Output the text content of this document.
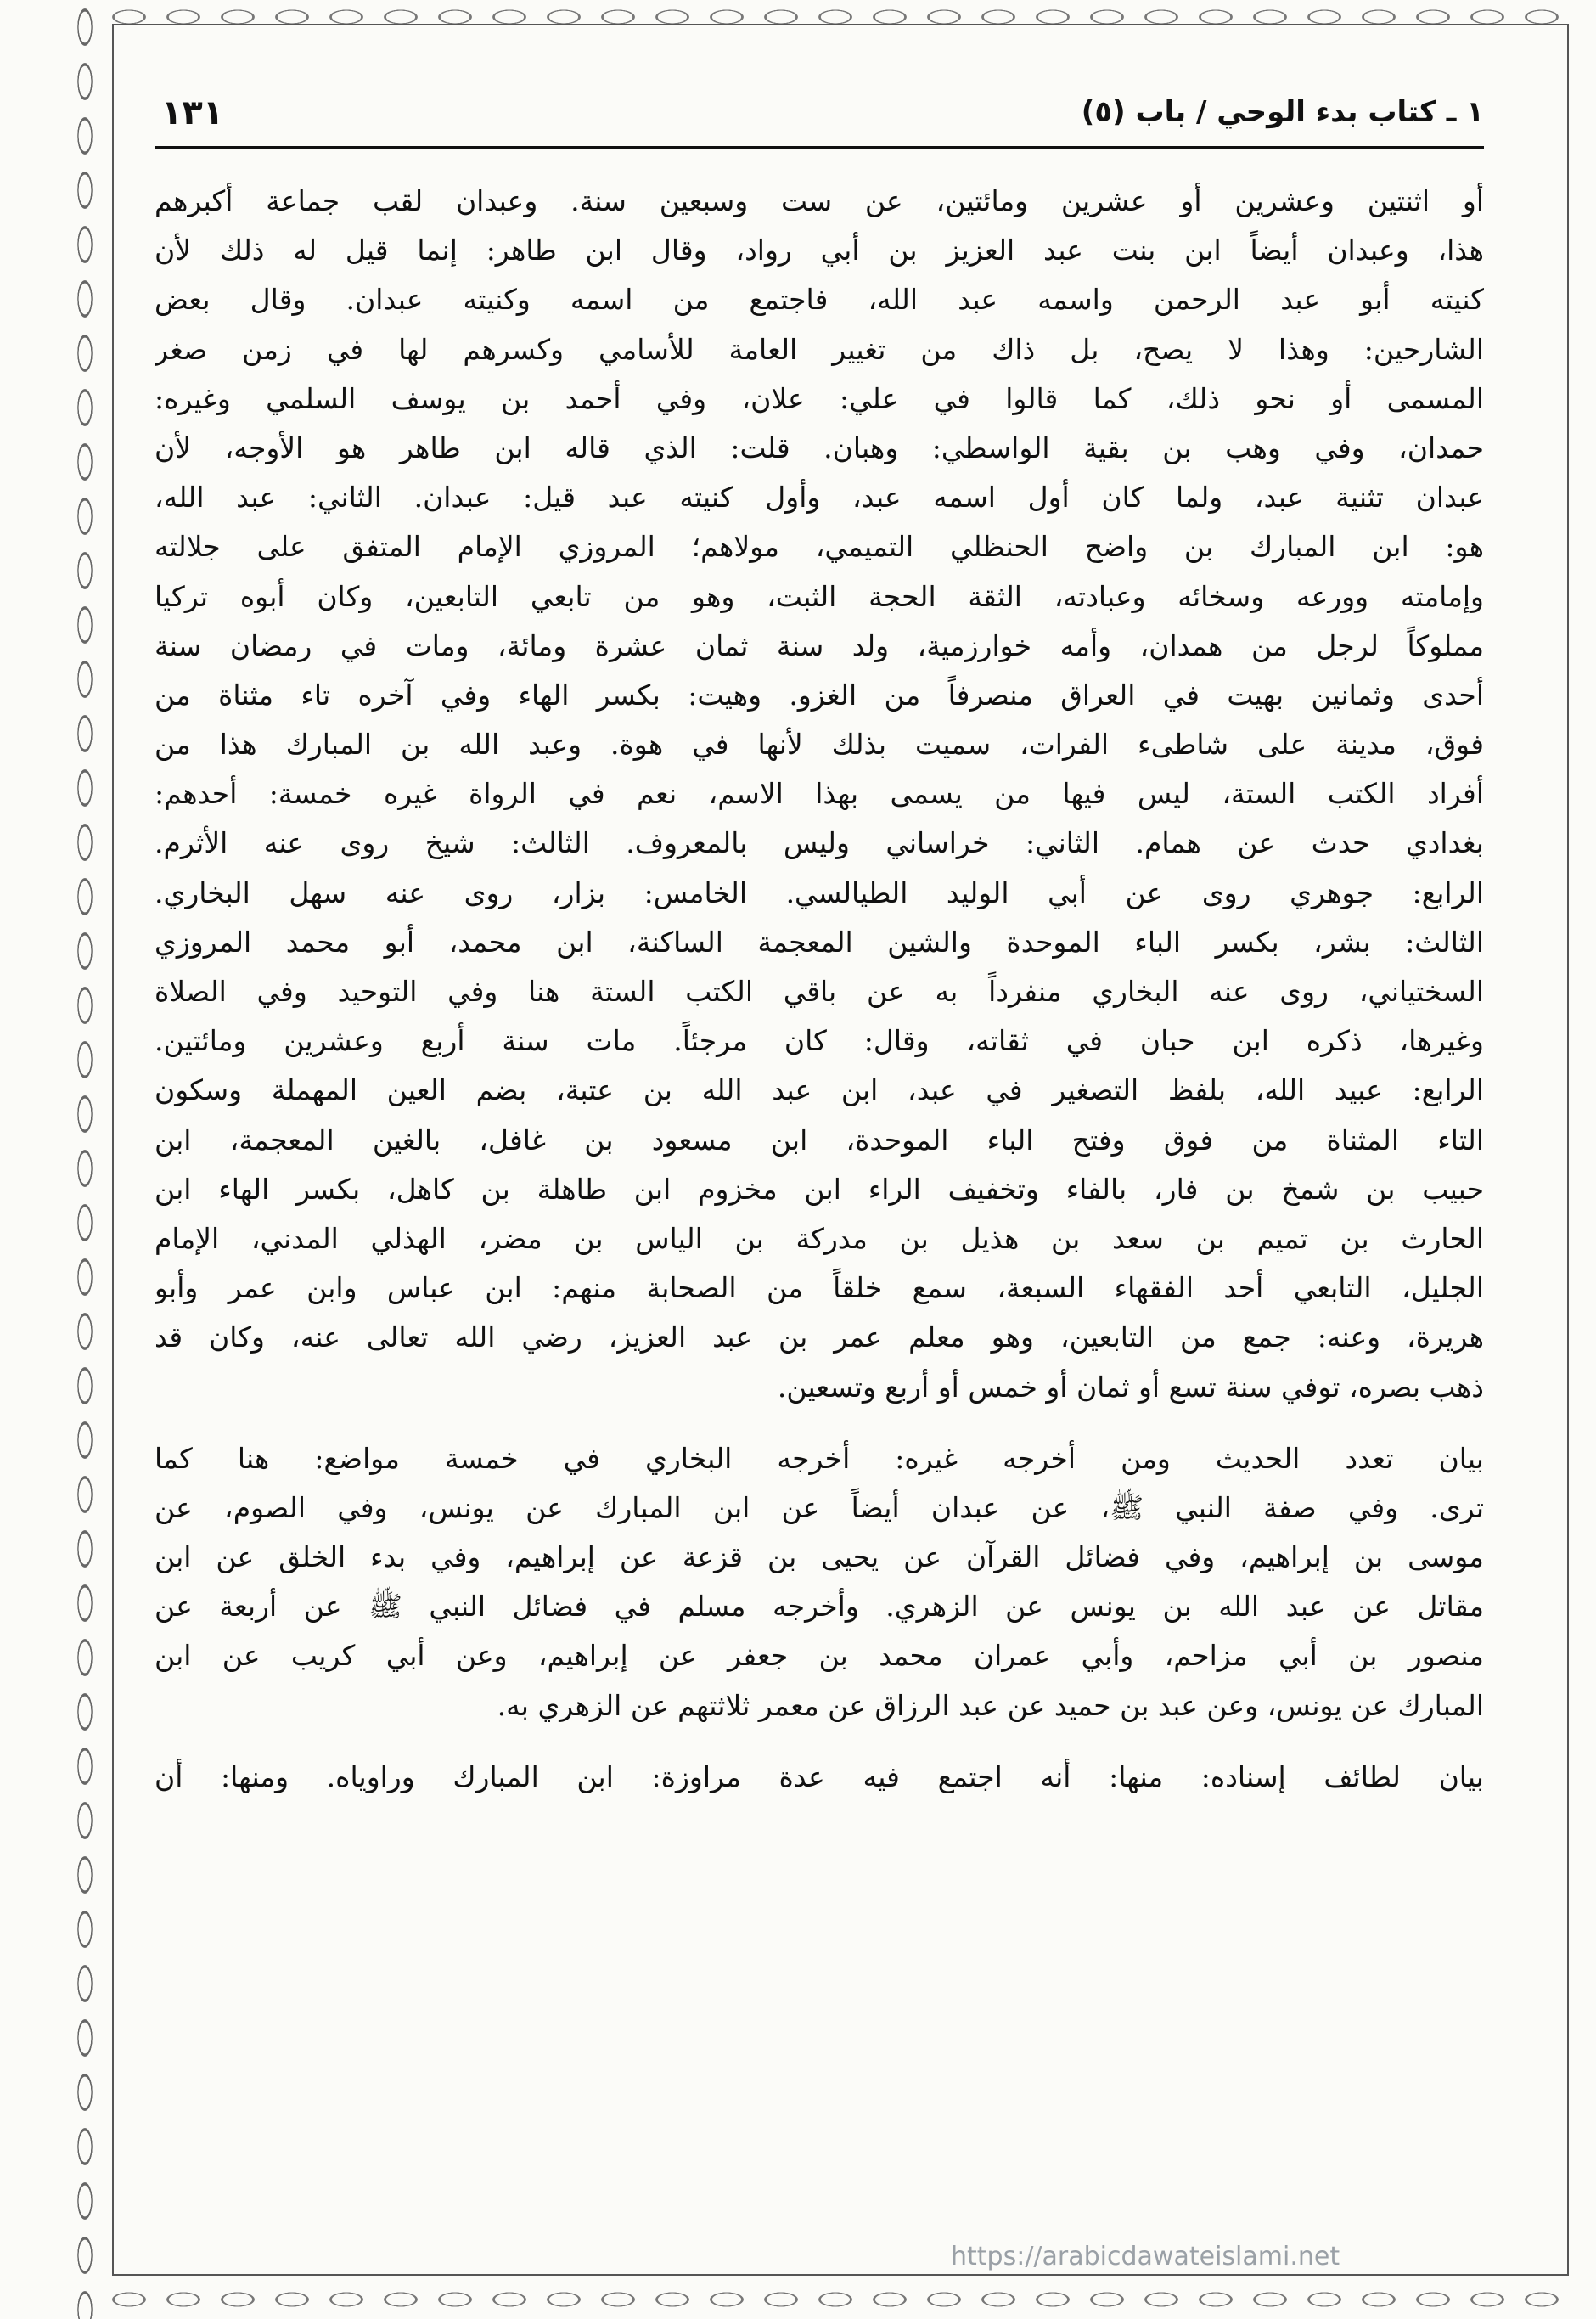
١ ـ كتاب بدء الوحي / باب (٥)
١٣١
أو اثنتين وعشرين أو عشرين ومائتين، عن ست وسبعين سنة. وعبدان لقب جماعة أكبرهم
هذا، وعبدان أيضاً ابن بنت عبد العزيز بن أبي رواد، وقال ابن طاهر: إنما قيل له ذلك لأن
كنيته أبو عبد الرحمن واسمه عبد الله، فاجتمع من اسمه وكنيته عبدان. وقال بعض
الشارحين: وهذا لا يصح، بل ذاك من تغيير العامة للأسامي وكسرهم لها في زمن صغر
المسمى أو نحو ذلك، كما قالوا في علي: علان، وفي أحمد بن يوسف السلمي وغيره:
حمدان، وفي وهب بن بقية الواسطي: وهبان. قلت: الذي قاله ابن طاهر هو الأوجه، لأن
عبدان تثنية عبد، ولما كان أول اسمه عبد، وأول كنيته عبد قيل: عبدان. الثاني: عبد الله،
هو: ابن المبارك بن واضح الحنظلي التميمي، مولاهم؛ المروزي الإمام المتفق على جلالته
وإمامته وورعه وسخائه وعبادته، الثقة الحجة الثبت، وهو من تابعي التابعين، وكان أبوه تركيا
مملوكاً لرجل من همدان، وأمه خوارزمية، ولد سنة ثمان عشرة ومائة، ومات في رمضان سنة
أحدى وثمانين بهيت في العراق منصرفاً من الغزو. وهيت: بكسر الهاء وفي آخره تاء مثناة من
فوق، مدينة على شاطىء الفرات، سميت بذلك لأنها في هوة. وعبد الله بن المبارك هذا من
أفراد الكتب الستة، ليس فيها من يسمى بهذا الاسم، نعم في الرواة غيره خمسة: أحدهم:
بغدادي حدث عن همام. الثاني: خراساني وليس بالمعروف. الثالث: شيخ روى عنه الأثرم.
الرابع: جوهري روى عن أبي الوليد الطيالسي. الخامس: بزار، روى عنه سهل البخاري.
الثالث: بشر، بكسر الباء الموحدة والشين المعجمة الساكنة، ابن محمد، أبو محمد المروزي
السختياني، روى عنه البخاري منفرداً به عن باقي الكتب الستة هنا وفي التوحيد وفي الصلاة
وغيرها، ذكره ابن حبان في ثقاته، وقال: كان مرجئاً. مات سنة أربع وعشرين ومائتين.
الرابع: عبيد الله، بلفظ التصغير في عبد، ابن عبد الله بن عتبة، بضم العين المهملة وسكون
التاء المثناة من فوق وفتح الباء الموحدة، ابن مسعود بن غافل، بالغين المعجمة، ابن
حبيب بن شمخ بن فار، بالفاء وتخفيف الراء ابن مخزوم ابن طاهلة بن كاهل، بكسر الهاء ابن
الحارث بن تميم بن سعد بن هذيل بن مدركة بن الياس بن مضر، الهذلي المدني، الإمام
الجليل، التابعي أحد الفقهاء السبعة، سمع خلقاً من الصحابة منهم: ابن عباس وابن عمر وأبو
هريرة، وعنه: جمع من التابعين، وهو معلم عمر بن عبد العزيز، رضي الله تعالى عنه، وكان قد
ذهب بصره، توفي سنة تسع أو ثمان أو خمس أو أربع وتسعين.
بيان تعدد الحديث ومن أخرجه غيره: أخرجه البخاري في خمسة مواضع: هنا كما
ترى. وفي صفة النبي ﷺ، عن عبدان أيضاً عن ابن المبارك عن يونس، وفي الصوم، عن
موسى بن إبراهيم، وفي فضائل القرآن عن يحيى بن قزعة عن إبراهيم، وفي بدء الخلق عن ابن
مقاتل عن عبد الله بن يونس عن الزهري. وأخرجه مسلم في فضائل النبي ﷺ عن أربعة عن
منصور بن أبي مزاحم، وأبي عمران محمد بن جعفر عن إبراهيم، وعن أبي كريب عن ابن
المبارك عن يونس، وعن عبد بن حميد عن عبد الرزاق عن معمر ثلاثتهم عن الزهري به.
بيان لطائف إسناده: منها: أنه اجتمع فيه عدة مراوزة: ابن المبارك وراوياه. ومنها: أن
https://arabicdawateislami.net
